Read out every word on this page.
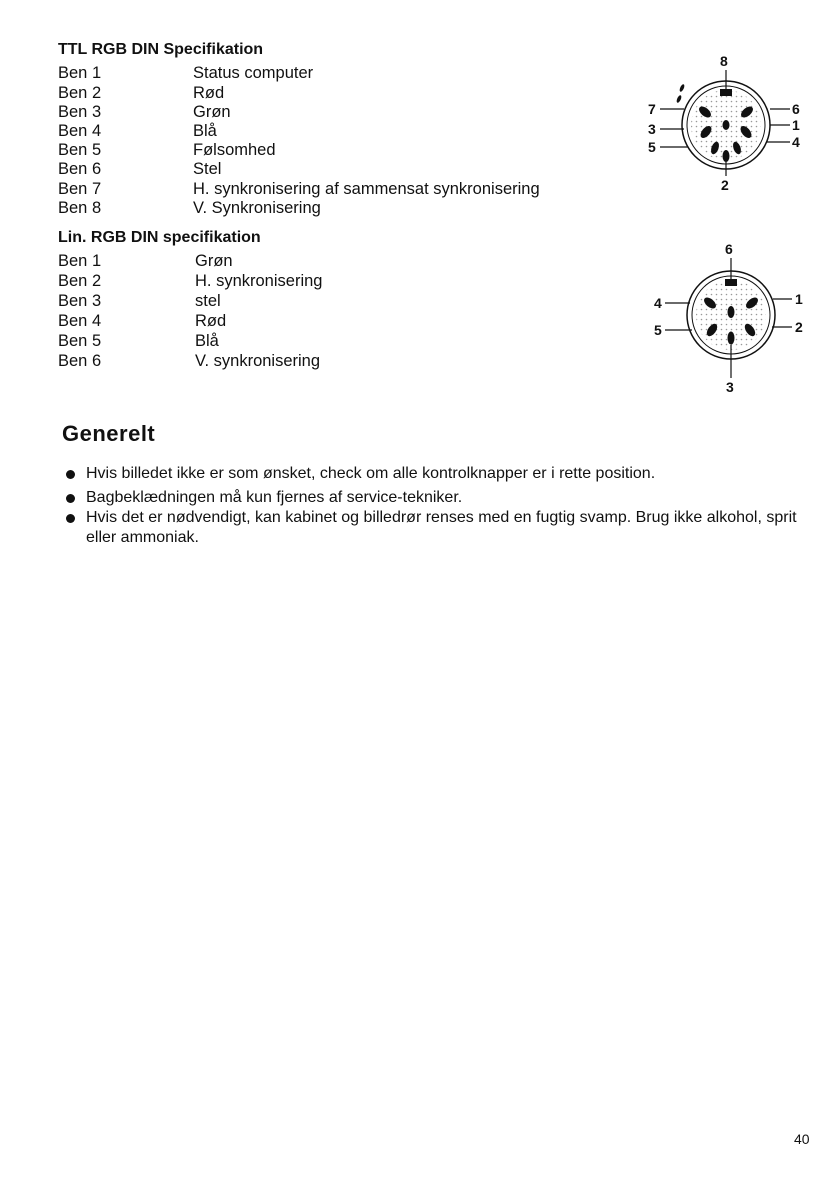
TTL RGB DIN Specifikation
Ben 1	Status computer
Ben 2	Rød
Ben 3	Grøn
Ben 4	Blå
Ben 5	Følsomhed
Ben 6	Stel
Ben 7	H. synkronisering af sammensat synkronisering
Ben 8	V. Synkronisering
8
7	6
3	1
5	4
2
Lin. RGB DIN specifikation
Ben 1	Grøn
Ben 2	H. synkronisering
Ben 3	stel
Ben 4	Rød
Ben 5	Blå
Ben 6	V. synkronisering
6
4	1
5	2
3
Generelt
Hvis billedet ikke er som ønsket, check om alle kontrolknapper er i rette position.
Bagbeklædningen må kun fjernes af service-tekniker.
Hvis det er nødvendigt, kan kabinet og billedrør renses med en fugtig svamp. Brug ikke alkohol, sprit eller ammoniak.
40
